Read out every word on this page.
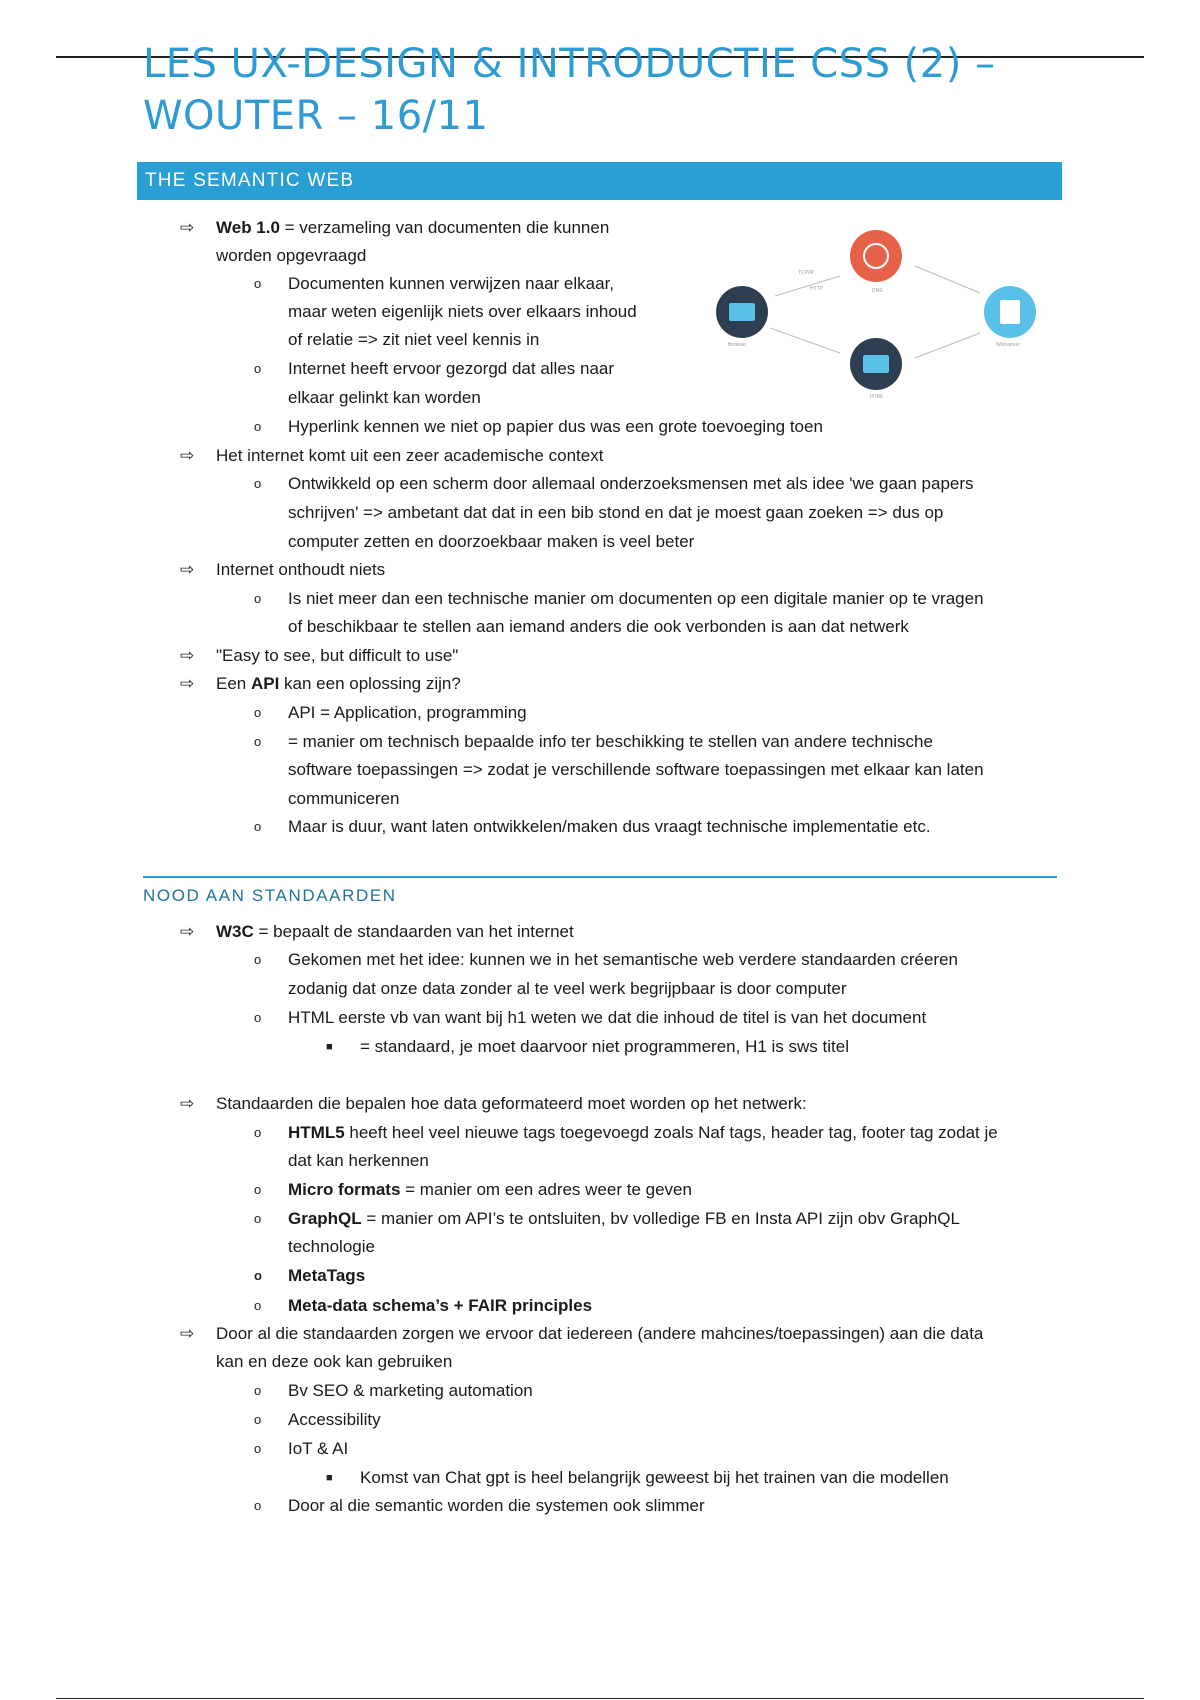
LES UX-DESIGN & INTRODUCTIE CSS (2) –
WOUTER – 16/11
THE SEMANTIC WEB
TCP/IP
HTTP	DNS
Browser	Webserver
HTML
⇨ Web 1.0 = verzameling van documenten die kunnen
worden opgevraagd
o Documenten kunnen verwijzen naar elkaar,
maar weten eigenlijk niets over elkaars inhoud
of relatie => zit niet veel kennis in
o Internet heeft ervoor gezorgd dat alles naar
elkaar gelinkt kan worden
o Hyperlink kennen we niet op papier dus was een grote toevoeging toen
⇨ Het internet komt uit een zeer academische context
o Ontwikkeld op een scherm door allemaal onderzoeksmensen met als idee 'we gaan papers
schrijven' => ambetant dat dat in een bib stond en dat je moest gaan zoeken => dus op
computer zetten en doorzoekbaar maken is veel beter
⇨ Internet onthoudt niets
o Is niet meer dan een technische manier om documenten op een digitale manier op te vragen
of beschikbaar te stellen aan iemand anders die ook verbonden is aan dat netwerk
⇨ "Easy to see, but difficult to use"
⇨ Een API kan een oplossing zijn?
o API = Application, programming
o = manier om technisch bepaalde info ter beschikking te stellen van andere technische
software toepassingen => zodat je verschillende software toepassingen met elkaar kan laten
communiceren
o Maar is duur, want laten ontwikkelen/maken dus vraagt technische implementatie etc.
NOOD AAN STANDAARDEN
⇨ W3C = bepaalt de standaarden van het internet
o Gekomen met het idee: kunnen we in het semantische web verdere standaarden créeren
zodanig dat onze data zonder al te veel werk begrijpbaar is door computer
o HTML eerste vb van want bij h1 weten we dat die inhoud de titel is van het document
■ = standaard, je moet daarvoor niet programmeren, H1 is sws titel
⇨ Standaarden die bepalen hoe data geformateerd moet worden op het netwerk:
o HTML5 heeft heel veel nieuwe tags toegevoegd zoals Naf tags, header tag, footer tag zodat je
dat kan herkennen
o Micro formats = manier om een adres weer te geven
o GraphQL = manier om API’s te ontsluiten, bv volledige FB en Insta API zijn obv GraphQL
technologie
o MetaTags
o Meta-data schema’s + FAIR principles
⇨ Door al die standaarden zorgen we ervoor dat iedereen (andere mahcines/toepassingen) aan die data
kan en deze ook kan gebruiken
o Bv SEO & marketing automation
o Accessibility
o IoT & AI
■ Komst van Chat gpt is heel belangrijk geweest bij het trainen van die modellen
o Door al die semantic worden die systemen ook slimmer
